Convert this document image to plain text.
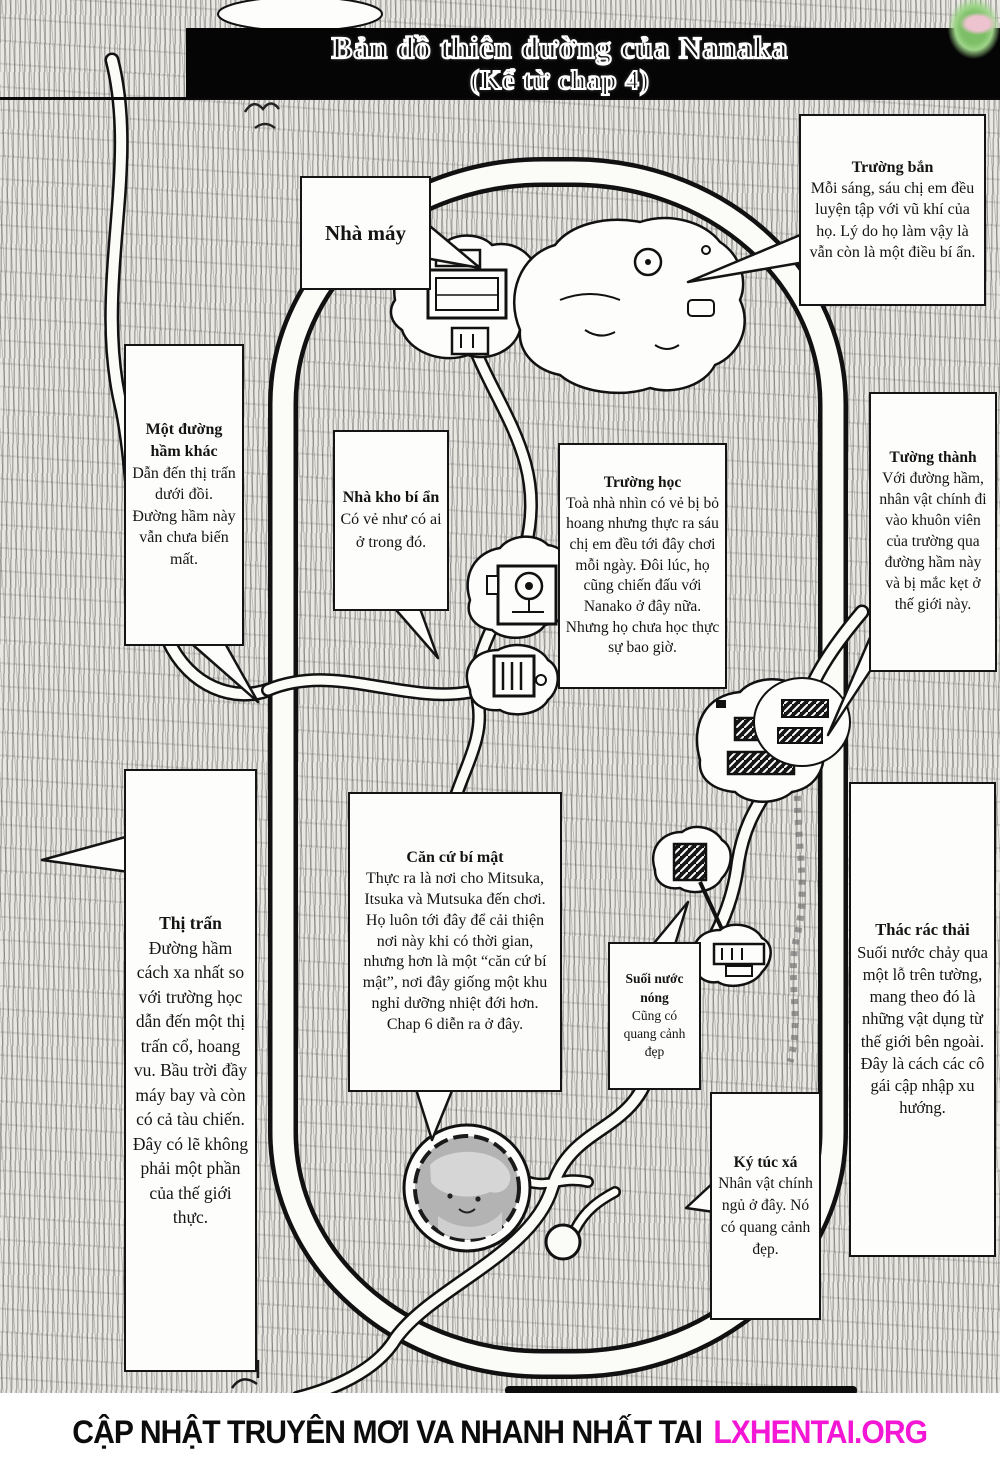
Bản đồ thiên đường của Nanaka
(Kể từ chap 4)
Nhà máy
Trường bắn
Mỗi sáng, sáu chị em đều luyện tập với vũ khí của họ. Lý do họ làm vậy là vẫn còn là một điều bí ẩn.
Một đường hầm khác
Dẫn đến thị trấn dưới đồi. Đường hầm này vẫn chưa biến mất.
Nhà kho bí ẩn
Có vẻ như có ai ở trong đó.
Trường học
Toà nhà nhìn có vẻ bị bỏ hoang nhưng thực ra sáu chị em đều tới đây chơi mỗi ngày. Đôi lúc, họ cũng chiến đấu với Nanako ở đây nữa. Nhưng họ chưa học thực sự bao giờ.
Tường thành
Với đường hầm, nhân vật chính đi vào khuôn viên của trường qua đường hầm này và bị mắc kẹt ở thế giới này.
Thị trấn
Đường hầm cách xa nhất so với trường học dẫn đến một thị trấn cổ, hoang vu. Bầu trời đầy máy bay và còn có cả tàu chiến. Đây có lẽ không phải một phần của thế giới thực.
Căn cứ bí mật
Thực ra là nơi cho Mitsuka, Itsuka và Mutsuka đến chơi. Họ luôn tới đây để cải thiện nơi này khi có thời gian, nhưng hơn là một “căn cứ bí mật”, nơi đây giống một khu nghỉ dưỡng nhiệt đới hơn. Chap 6 diễn ra ở đây.
Suối nước nóng
Cũng có quang cảnh đẹp
Thác rác thải
Suối nước chảy qua một lỗ trên tường, mang theo đó là những vật dụng từ thế giới bên ngoài. Đây là cách các cô gái cập nhập xu hướng.
Ký túc xá
Nhân vật chính ngủ ở đây. Nó có quang cảnh đẹp.
CẬP NHẬT TRUYÊN MƠI VA NHANH NHẤT TAI LXHENTAI.ORG
